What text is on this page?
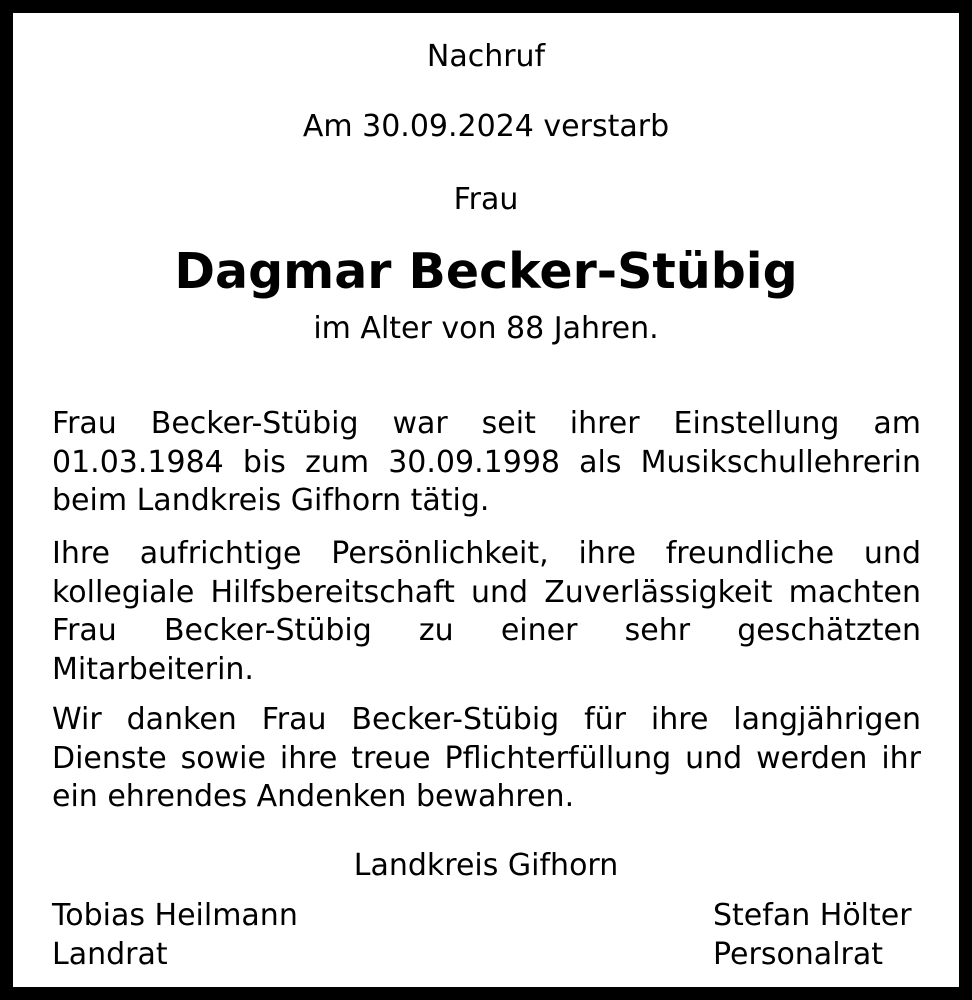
Nachruf
Am 30.09.2024 verstarb
Frau
Dagmar Becker-Stübig
im Alter von 88 Jahren.

Frau Becker-Stübig war seit ihrer Einstellung am 01.03.1984 bis zum 30.09.1998 als Musikschullehrerin beim Landkreis Gifhorn tätig.

Ihre aufrichtige Persönlichkeit, ihre freundliche und kollegiale Hilfsbereitschaft und Zuverlässigkeit machten Frau Becker-Stübig zu einer sehr geschätzten Mitarbeiterin.

Wir danken Frau Becker-Stübig für ihre langjährigen Dienste sowie ihre treue Pflichterfüllung und werden ihr ein ehrendes Andenken bewahren.

Landkreis Gifhorn
Tobias Heilmann
Landrat
Stefan Hölter
Personalrat
